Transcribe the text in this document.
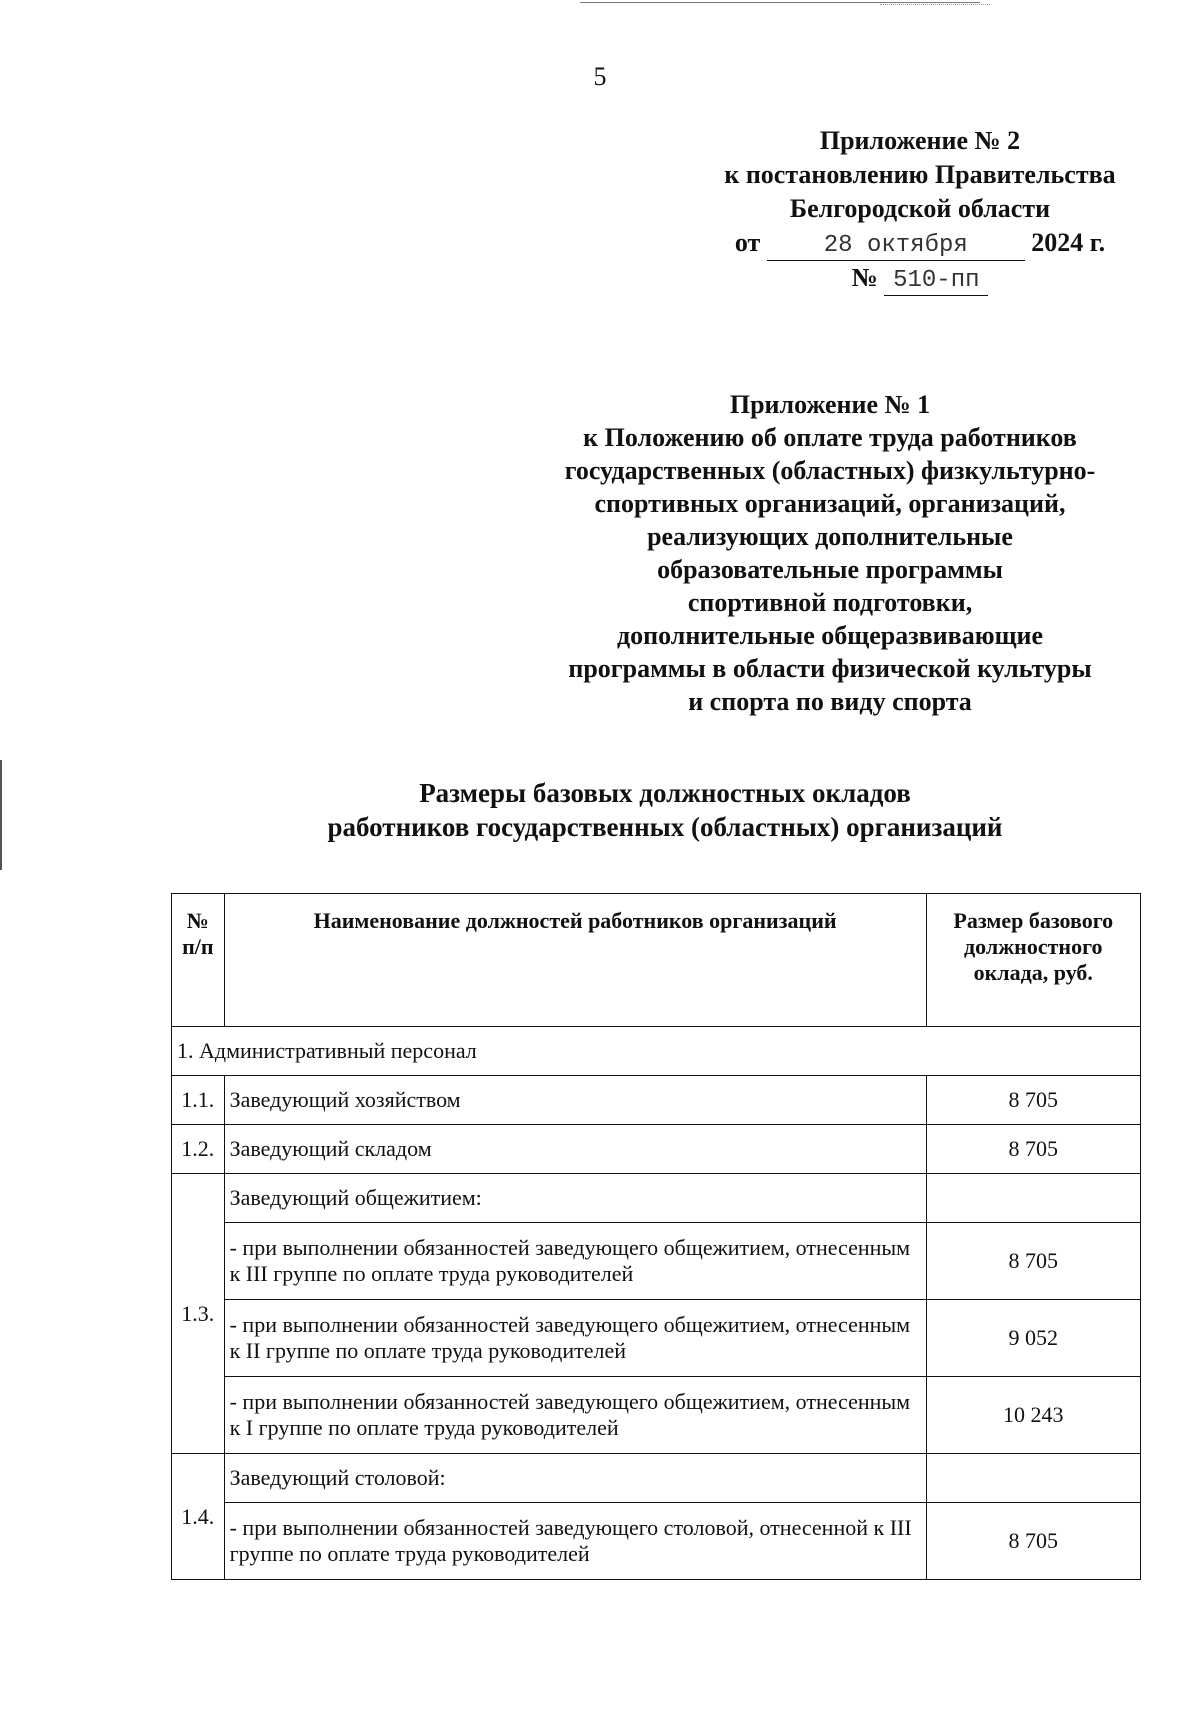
5
Приложение № 2
к постановлению Правительства
Белгородской области
от	28 октября 2024 г.
№ 510-пп
Приложение № 1
к Положению об оплате труда работников
государственных (областных) физкультурно-
спортивных организаций, организаций,
реализующих дополнительные
образовательные программы
спортивной подготовки,
дополнительные общеразвивающие
программы в области физической культуры
и спорта по виду спорта
Размеры базовых должностных окладов
работников государственных (областных) организаций
№ п/п	Наименование должностей работников организаций	Размер базового должностного оклада, руб.
1. Административный персонал		
1.1.	Заведующий хозяйством	8 705
1.2.	Заведующий складом	8 705
1.3.	Заведующий общежитием:	
	- при выполнении обязанностей заведующего общежитием, отнесенным к III группе по оплате труда руководителей	8 705
	- при выполнении обязанностей заведующего общежитием, отнесенным к II группе по оплате труда руководителей	9 052
	- при выполнении обязанностей заведующего общежитием, отнесенным к I группе по оплате труда руководителей	10 243
1.4.	Заведующий столовой:	
	- при выполнении обязанностей заведующего столовой, отнесенной к III группе по оплате труда руководителей	8 705
